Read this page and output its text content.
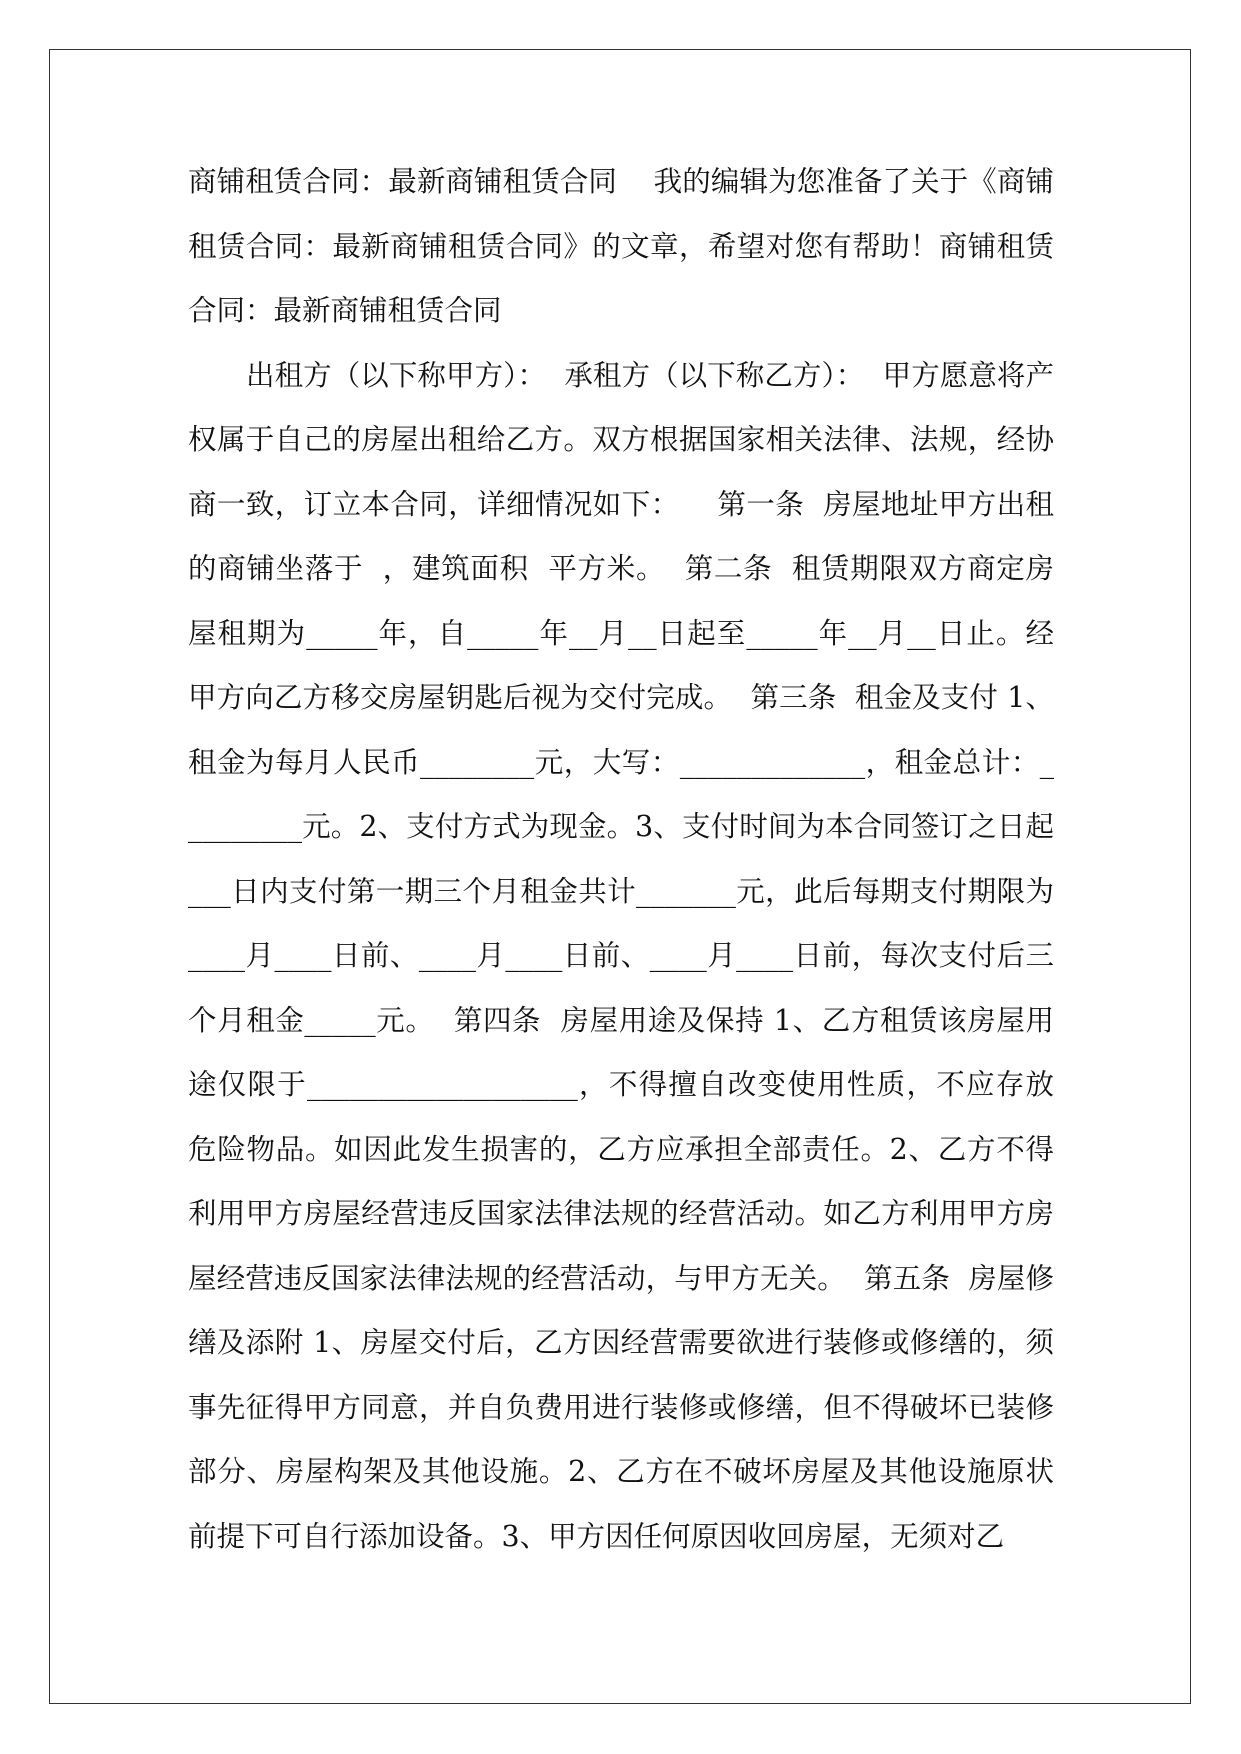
商铺租赁合同：最新商铺租赁合同    我的编辑为您准备了关于《商铺租赁合同：最新商铺租赁合同》的文章，希望对您有帮助！商铺租赁合同：最新商铺租赁合同

出租方（以下称甲方）：  承租方（以下称乙方）：  甲方愿意将产权属于自己的房屋出租给乙方。双方根据国家相关法律、法规，经协商一致，订立本合同，详细情况如下：    第一条  房屋地址甲方出租的商铺坐落于  ，建筑面积  平方米。  第二条  租赁期限双方商定房屋租期为_____年，自_____年__月__日起至_____年__月__日止。经甲方向乙方移交房屋钥匙后视为交付完成。  第三条  租金及支付 1、租金为每月人民币________元，大写：_____________，租金总计：_________元。2、支付方式为现金。3、支付时间为本合同签订之日起___日内支付第一期三个月租金共计_______元，此后每期支付期限为____月____日前、____月____日前、____月____日前，每次支付后三个月租金_____元。  第四条  房屋用途及保持 1、乙方租赁该房屋用途仅限于___________________，不得擅自改变使用性质，不应存放危险物品。如因此发生损害的，乙方应承担全部责任。2、乙方不得利用甲方房屋经营违反国家法律法规的经营活动。如乙方利用甲方房屋经营违反国家法律法规的经营活动，与甲方无关。  第五条  房屋修缮及添附 1、房屋交付后，乙方因经营需要欲进行装修或修缮的，须事先征得甲方同意，并自负费用进行装修或修缮，但不得破坏已装修部分、房屋构架及其他设施。2、乙方在不破坏房屋及其他设施原状前提下可自行添加设备。3、甲方因任何原因收回房屋，无须对乙
